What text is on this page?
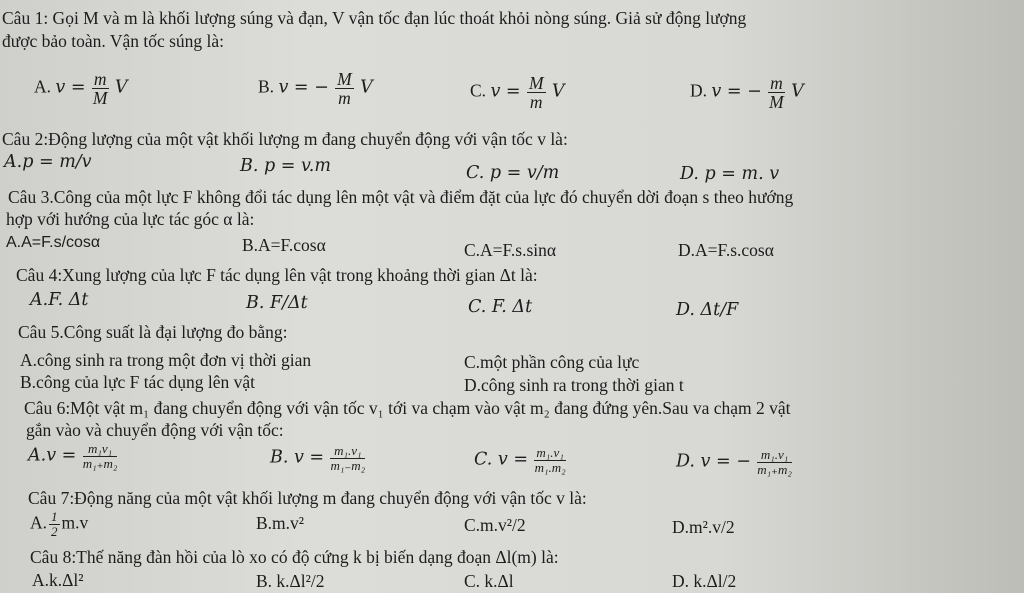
Câu 1: Gọi M và m là khối lượng súng và đạn, V vận tốc đạn lúc thoát khỏi nòng súng. Giả sử động lượng
được bảo toàn. Vận tốc súng là:
A. $v = \frac{m}{M}$ V	B. v = − $\frac{M}{m}$ V	C. $v = \frac{M}{m}$ V	D. v = − $\frac{m}{M}$ V
Câu 2:Động lượng của một vật khối lượng m đang chuyển động với vận tốc v là:
A.p = m/v	B. p = v.m	C. p = v/m	D. p = m. v
Câu 3.Công của một lực F không đổi tác dụng lên một vật và điểm đặt của lực đó chuyển dời đoạn s theo hướng
hợp với hướng của lực tác góc α là:
A.A=F.s/cosα	B.A=F.cosα	C.A=F.s.sinα	D.A=F.s.cosα
Câu 4:Xung lượng của lực F tác dụng lên vật trong khoảng thời gian Δt là:
A.F. Δt	B. F/Δt	C. F. Δt	D. Δt/F
Câu 5.Công suất là đại lượng đo bằng:
A.công sinh ra trong một đơn vị thời gian	C.một phần công của lực
B.công của lực F tác dụng lên vật	D.công sinh ra trong thời gian t
Câu 6:Một vật m₁ đang chuyển động với vận tốc v₁ tới va chạm vào vật m₂ đang đứng yên.Sau va chạm 2 vật
gắn vào và chuyển động với vận tốc:
$A.v = \frac{\text{m₁v₁}}{\text{m₁₊m₂}}$	B. $v = \frac{\text{m₁.v₁}}{\text{m₁₋m₂}}$	C. $v = \frac{\text{m₁.v₁}}{\text{m₁.m₂}}$	D. v = − $\frac{\text{m₁.v₁}}{\text{m₁₊m₂}}$
Câu 7:Động năng của một vật khối lượng m đang chuyển động với vận tốc v là:
A. $\frac{1}{2} m.v$	B.m.v²	C.m.v²/2	D.m².v/2
Câu 8:Thế năng đàn hồi của lò xo có độ cứng k bị biến dạng đoạn Δl(m) là:
A.k.Δl²	B. k.Δl²/2	C. k.Δl	D. k.Δl/2
